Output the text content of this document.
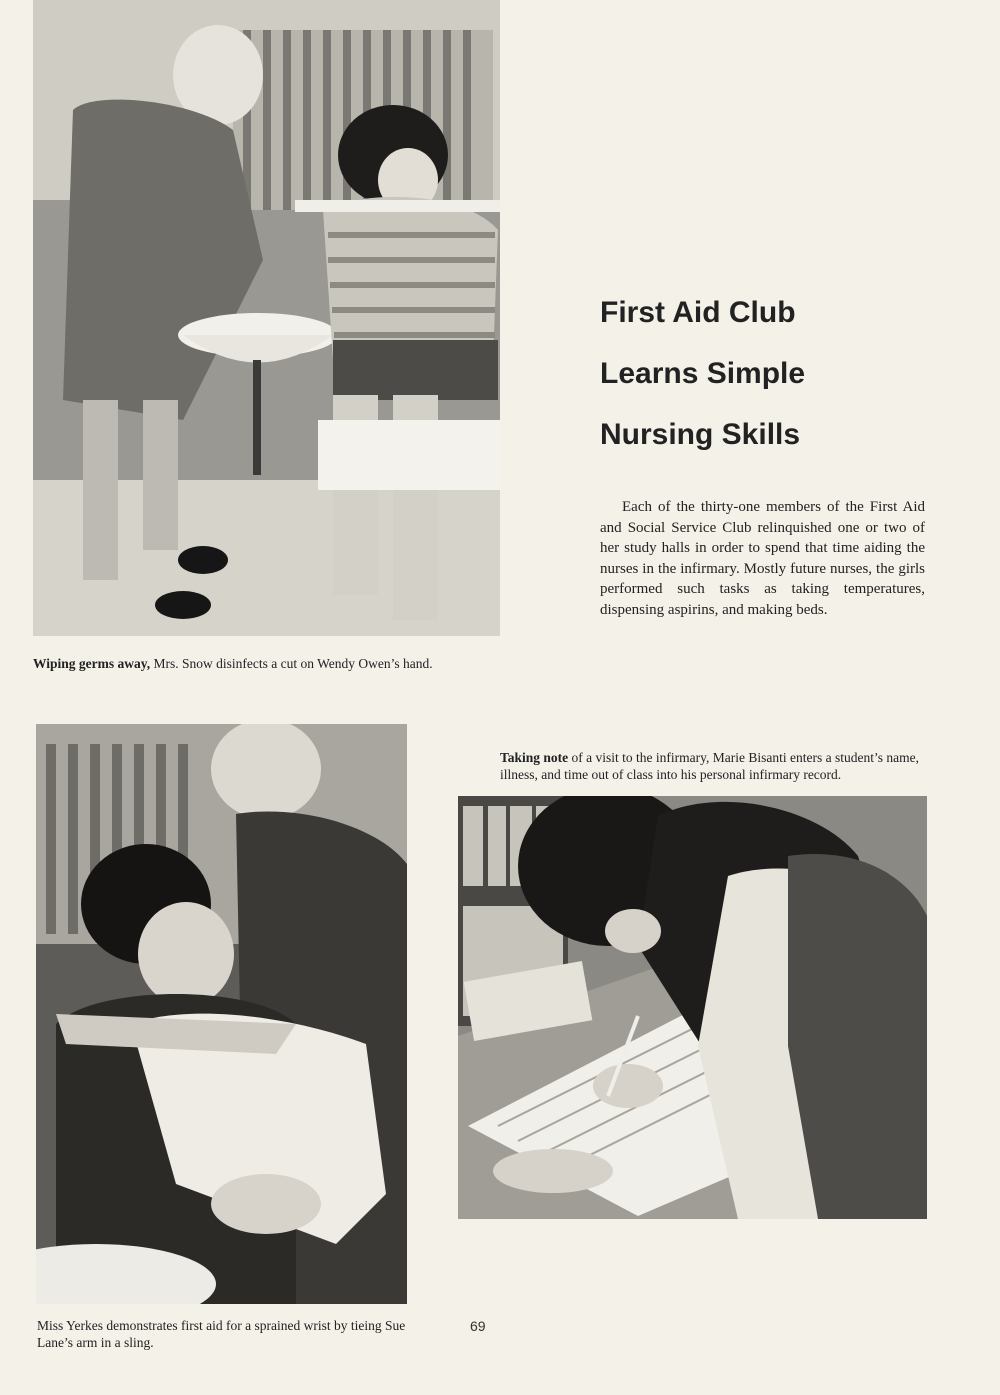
Wiping germs away, Mrs. Snow disinfects a cut on Wendy Owen’s hand.
First Aid Club
Learns Simple
Nursing Skills

Each of the thirty-one members of the First Aid and Social Service Club relinquished one or two of her study halls in order to spend that time aiding the nurses in the infirmary. Mostly future nurses, the girls performed such tasks as taking temperatures, dispensing aspirins, and making beds.

Taking note of a visit to the infirmary, Marie Bisanti enters a student’s name, illness, and time out of class into his personal infirmary record.
Miss Yerkes demonstrates first aid for a sprained wrist by tieing Sue Lane’s arm in a sling.
69
